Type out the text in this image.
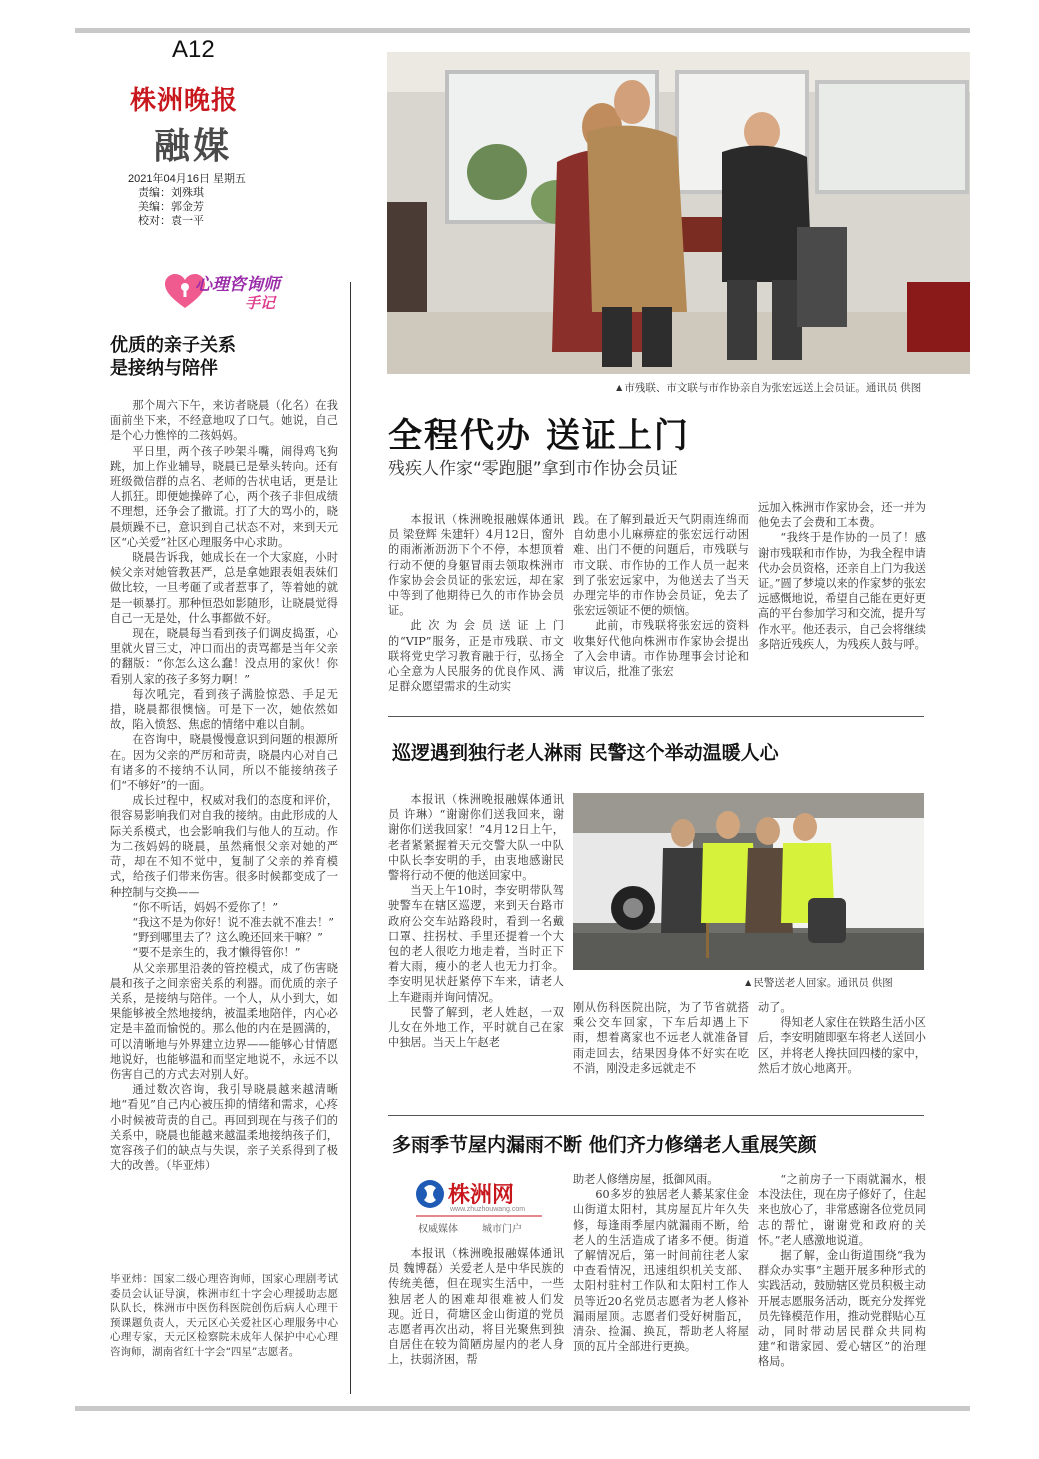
A12
株洲晚报
融媒
2021年04月16日 星期五
责编：刘殊琪
美编：郭金芳
校对：袁一平
心理咨询师
手记
优质的亲子关系
是接纳与陪伴

那个周六下午，来访者晓晨（化名）在我面前坐下来，不经意地叹了口气。她说，自己是个心力憔悴的二孩妈妈。

平日里，两个孩子吵架斗嘴，闹得鸡飞狗跳，加上作业辅导，晓晨已是晕头转向。还有班级微信群的点名、老师的告状电话，更是让人抓狂。即便她操碎了心，两个孩子非但成绩不理想，还争会了撒谎。打了大的骂小的，晓晨烦躁不已，意识到自己状态不对，来到天元区“心关爱”社区心理服务中心求助。

晓晨告诉我，她成长在一个大家庭，小时候父亲对她管教甚严，总是拿她跟表姐表妹们做比较，一旦考砸了或者惹事了，等着她的就是一顿暴打。那种恒恐如影随形，让晓晨觉得自己一无是处，什么事都做不好。

现在，晓晨每当看到孩子们调皮捣蛋，心里就火冒三丈，冲口而出的责骂都是当年父亲的翻版：“你怎么这么蠢！没点用的家伙！你看别人家的孩子多努力啊！”

每次吼完，看到孩子满脸惊恐、手足无措，晓晨都很懊恼。可是下一次，她依然如故，陷入愤怒、焦虑的情绪中难以自制。

在咨询中，晓晨慢慢意识到问题的根源所在。因为父亲的严厉和苛责，晓晨内心对自己有诸多的不接纳不认同，所以不能接纳孩子们“不够好”的一面。

成长过程中，权威对我们的态度和评价，很容易影响我们对自我的接纳。由此形成的人际关系模式，也会影响我们与他人的互动。作为二孩妈妈的晓晨，虽然痛恨父亲对她的严苛，却在不知不觉中，复制了父亲的养育模式，给孩子们带来伤害。很多时候都变成了一种控制与交换——

“你不听话，妈妈不爱你了！”

“我这不是为你好！说不准去就不准去！”

“野到哪里去了？这么晚还回来干嘛？”

“要不是亲生的，我才懒得管你！”

从父亲那里沿袭的管控模式，成了伤害晓晨和孩子之间亲密关系的利器。而优质的亲子关系，是接纳与陪伴。一个人，从小到大，如果能够被全然地接纳，被温柔地陪伴，内心必定是丰盈而愉悦的。那么他的内在是圆满的，可以清晰地与外界建立边界——能够心甘情愿地说好，也能够温和而坚定地说不，永远不以伤害自己的方式去对别人好。

通过数次咨询，我引导晓晨越来越清晰地“看见”自己内心被压抑的情绪和需求，心疼小时候被苛责的自己。再回到现在与孩子们的关系中，晓晨也能越来越温柔地接纳孩子们，宽容孩子们的缺点与失误，亲子关系得到了极大的改善。（毕亚炜）

毕亚炜：国家二级心理咨询师，国家心理剧考试委员会认证导演，株洲市红十字会心理援助志愿队队长，株洲市中医伤科医院创伤后病人心理干预课题负责人，天元区心关爱社区心理服务中心心理专家，天元区检察院未成年人保护中心心理咨询师，湖南省红十字会“四星”志愿者。
▲市残联、市文联与市作协亲自为张宏远送上会员证。通讯员 供图
全程代办 送证上门
残疾人作家“零跑腿”拿到市作协会员证

本报讯（株洲晚报融媒体通讯员 梁登辉 朱建轩）4月12日，窗外的雨淅淅沥沥下个不停，本想顶着行动不便的身躯冒雨去领取株洲市作家协会会员证的张宏远，却在家中等到了他期待已久的市作协会员证。

此次为会员送证上门的“VIP”服务，正是市残联、市文联将党史学习教育融于行，弘扬全心全意为人民服务的优良作风、满足群众愿望需求的生动实

践。在了解到最近天气阴雨连绵而自幼患小儿麻痹症的张宏远行动困难、出门不便的问题后，市残联与市文联、市作协的工作人员一起来到了张宏远家中，为他送去了当天办理完毕的市作协会员证，免去了张宏远领证不便的烦恼。

此前，市残联将张宏远的资料收集好代他向株洲市作家协会提出了入会申请。市作协理事会讨论和审议后，批准了张宏

远加入株洲市作家协会，还一并为他免去了会费和工本费。

“我终于是作协的一员了！感谢市残联和市作协，为我全程申请代办会员资格，还亲自上门为我送证。”圆了梦境以来的作家梦的张宏远感慨地说，希望自己能在更好更高的平台参加学习和交流，提升写作水平。他还表示，自己会将继续多陪近残疾人，为残疾人鼓与呼。

巡逻遇到独行老人淋雨 民警这个举动温暖人心

本报讯（株洲晚报融媒体通讯员 许琳）“谢谢你们送我回来，谢谢你们送我回家！”4月12日上午，老者紧紧握着天元交警大队一中队中队长李安明的手，由衷地感谢民警将行动不便的他送回家中。

当天上午10时，李安明带队驾驶警车在辖区巡逻，来到天台路市政府公交车站路段时，看到一名戴口罩、拄拐杖、手里还提着一个大包的老人很吃力地走着，当时正下着大雨，瘦小的老人也无力打伞。李安明见状赶紧停下车来，请老人上车避雨并询问情况。

民警了解到，老人姓赵，一双儿女在外地工作，平时就自己在家中独居。当天上午赵老

▲民警送老人回家。通讯员 供图

刚从伤科医院出院，为了节省就搭乘公交车回家，下车后却遇上下雨，想着离家也不远老人就准备冒雨走回去，结果因身体不好实在吃不消，刚没走多远就走不

动了。

得知老人家住在铁路生活小区后，李安明随即驱车将老人送回小区，并将老人搀扶回四楼的家中，然后才放心地离开。

多雨季节屋内漏雨不断 他们齐力修缮老人重展笑颜
株洲网
www.zhuzhouwang.com
权威媒体 城市门户

本报讯（株洲晚报融媒体通讯员 魏博磊）关爱老人是中华民族的传统美德，但在现实生活中，一些独居老人的困难却很难被人们发现。近日，荷塘区金山街道的党员志愿者再次出动，将目光聚焦到独自居住在较为简陋房屋内的老人身上，扶弱济困，帮

助老人修缮房屋，抵御风雨。

60多岁的独居老人綦某家住金山街道太阳村，其房屋瓦片年久失修，每逢雨季屋内就漏雨不断，给老人的生活造成了诸多不便。街道了解情况后，第一时间前往老人家中查看情况，迅速组织机关支部、太阳村驻村工作队和太阳村工作人员等近20名党员志愿者为老人修补漏雨屋顶。志愿者们受好树脂瓦，清杂、捡漏、换瓦，帮助老人将屋顶的瓦片全部进行更换。

“之前房子一下雨就漏水，根本没法住，现在房子修好了，住起来也放心了，非常感谢各位党员同志的帮忙，谢谢党和政府的关怀。”老人感激地说道。

据了解，金山街道围绕“我为群众办实事”主题开展多种形式的实践活动，鼓励辖区党员积极主动开展志愿服务活动，既充分发挥党员先锋模范作用，推动党群贴心互动，同时带动居民群众共同构建“和谐家园、爱心辖区”的治理格局。
